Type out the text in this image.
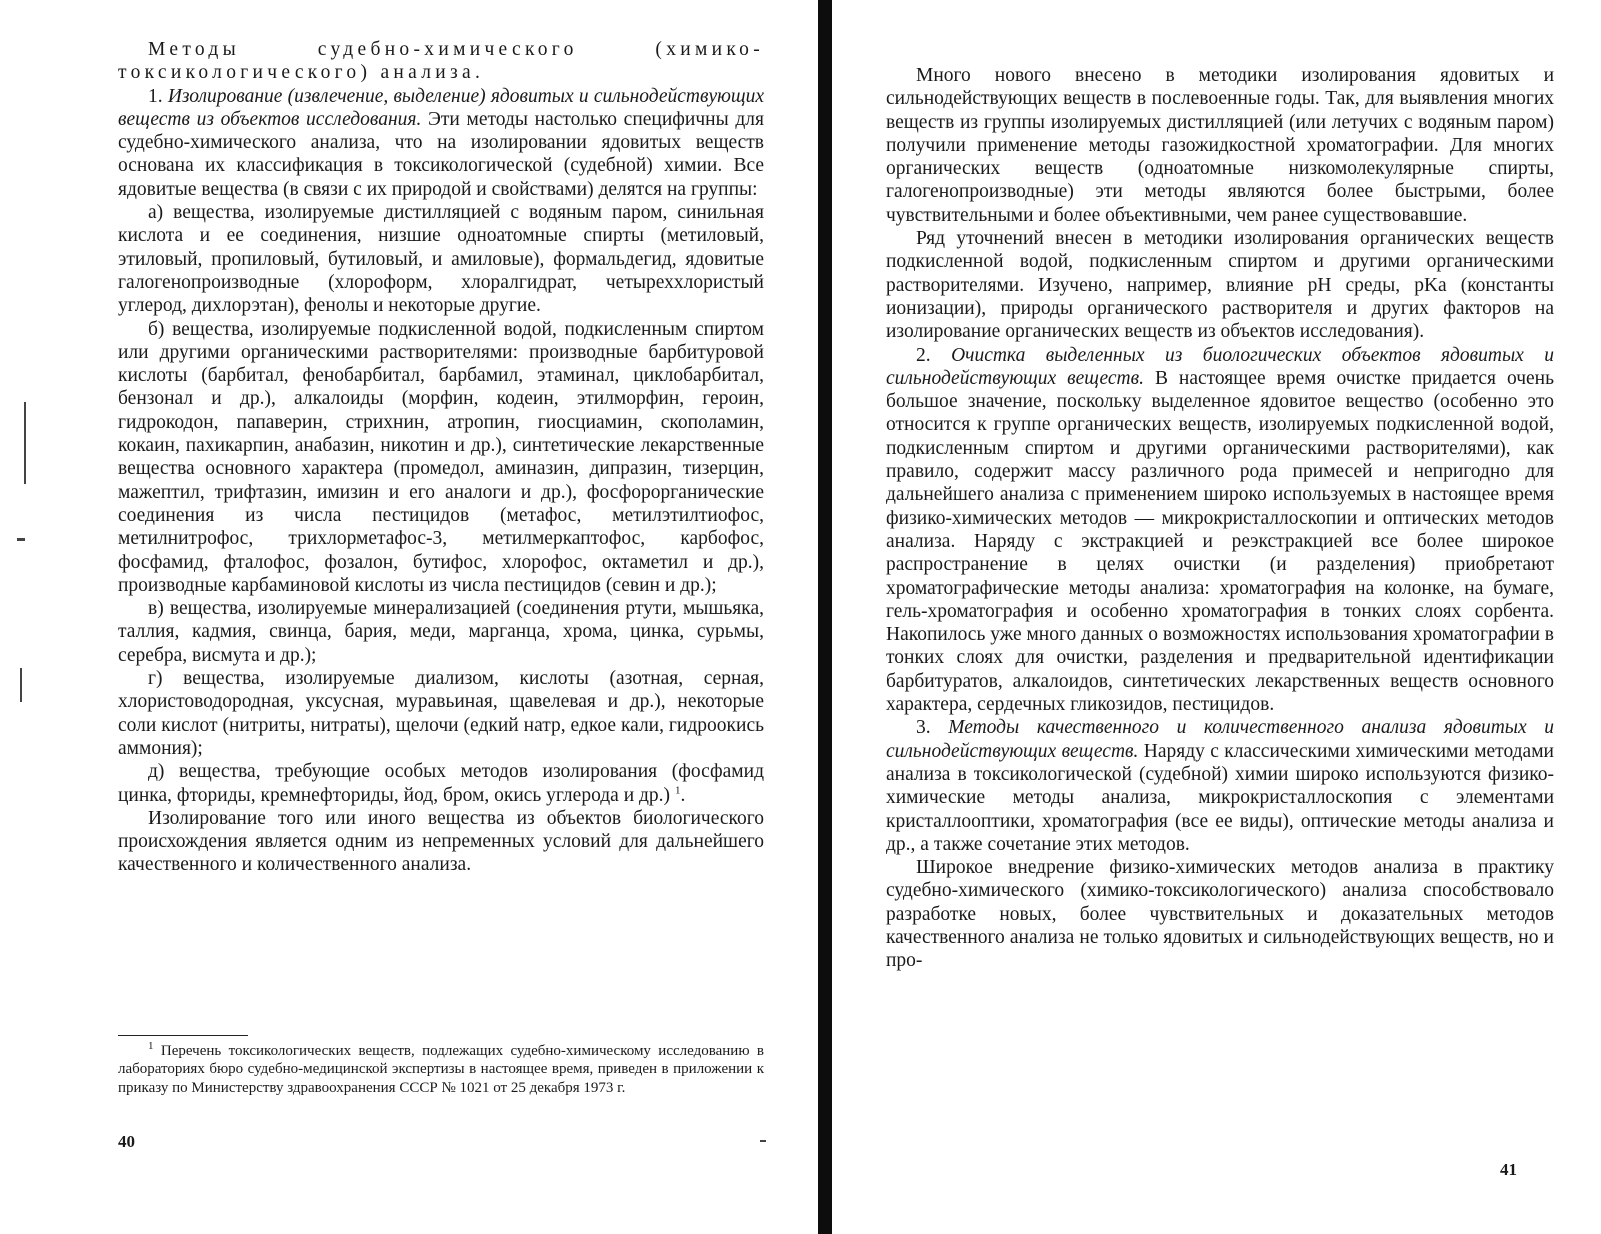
Методы судебно-химического (химико-токсикологического) анализа.

1. Изолирование (извлечение, выделение) ядовитых и сильнодействующих веществ из объектов исследования. Эти методы настолько специфичны для судебно-химического анализа, что на изолировании ядовитых веществ основана их классификация в токсикологической (судебной) химии. Все ядовитые вещества (в связи с их природой и свойствами) делятся на группы:

а) вещества, изолируемые дистилляцией с водяным паром, синильная кислота и ее соединения, низшие одноатомные спирты (метиловый, этиловый, пропиловый, бутиловый, и амиловые), формальдегид, ядовитые галогенопроизводные (хлороформ, хлоралгидрат, четыреххлористый углерод, дихлорэтан), фенолы и некоторые другие.

б) вещества, изолируемые подкисленной водой, подкисленным спиртом или другими органическими растворителями: производные барбитуровой кислоты (барбитал, фенобарбитал, барбамил, этаминал, циклобарбитал, бензонал и др.), алкалоиды (морфин, кодеин, этилморфин, героин, гидрокодон, папаверин, стрихнин, атропин, гиосциамин, скополамин, кокаин, пахикарпин, анабазин, никотин и др.), синтетические лекарственные вещества основного характера (промедол, аминазин, дипразин, тизерцин, мажептил, трифтазин, имизин и его аналоги и др.), фосфорорганические соединения из числа пестицидов (метафос, метилэтилтиофос, метилнитрофос, трихлорметафос-3, метилмеркаптофос, карбофос, фосфамид, фталофос, фозалон, бутифос, хлорофос, октаметил и др.), производные карбаминовой кислоты из числа пестицидов (севин и др.);

в) вещества, изолируемые минерализацией (соединения ртути, мышьяка, таллия, кадмия, свинца, бария, меди, марганца, хрома, цинка, сурьмы, серебра, висмута и др.);

г) вещества, изолируемые диализом, кислоты (азотная, серная, хлористоводородная, уксусная, муравьиная, щавелевая и др.), некоторые соли кислот (нитриты, нитраты), щелочи (едкий натр, едкое кали, гидроокись аммония);

д) вещества, требующие особых методов изолирования (фосфамид цинка, фториды, кремнефториды, йод, бром, окись углерода и др.) $^1$.

Изолирование того или иного вещества из объектов биологического происхождения является одним из непременных условий для дальнейшего качественного и количественного анализа.

$^1$ Перечень токсикологических веществ, подлежащих судебно-химическому исследованию в лабораториях бюро судебно-медицинской экспертизы в настоящее время, приведен в приложении к приказу по Министерству здравоохранения СССР № 1021 от 25 декабря 1973 г.
40

Много нового внесено в методики изолирования ядовитых и сильнодействующих веществ в послевоенные годы. Так, для выявления многих веществ из группы изолируемых дистилляцией (или летучих с водяным паром) получили применение методы газожидкостной хроматографии. Для многих органических веществ (одноатомные низкомолекулярные спирты, галогенопроизводные) эти методы являются более быстрыми, более чувствительными и более объективными, чем ранее существовавшие.

Ряд уточнений внесен в методики изолирования органических веществ подкисленной водой, подкисленным спиртом и другими органическими растворителями. Изучено, например, влияние pH среды, pKa (константы ионизации), природы органического растворителя и других факторов на изолирование органических веществ из объектов исследования).

2. Очистка выделенных из биологических объектов ядовитых и сильнодействующих веществ. В настоящее время очистке придается очень большое значение, поскольку выделенное ядовитое вещество (особенно это относится к группе органических веществ, изолируемых подкисленной водой, подкисленным спиртом и другими органическими растворителями), как правило, содержит массу различного рода примесей и непригодно для дальнейшего анализа с применением широко используемых в настоящее время физико-химических методов — микрокристаллоскопии и оптических методов анализа. Наряду с экстракцией и реэкстракцией все более широкое распространение в целях очистки (и разделения) приобретают хроматографические методы анализа: хроматография на колонке, на бумаге, гель-хроматография и особенно хроматография в тонких слоях сорбента. Накопилось уже много данных о возможностях использования хроматографии в тонких слоях для очистки, разделения и предварительной идентификации барбитуратов, алкалоидов, синтетических лекарственных веществ основного характера, сердечных гликозидов, пестицидов.

3. Методы качественного и количественного анализа ядовитых и сильнодействующих веществ. Наряду с классическими химическими методами анализа в токсикологической (судебной) химии широко используются физико-химические методы анализа, микрокристаллоскопия с элементами кристаллооптики, хроматография (все ее виды), оптические методы анализа и др., а также сочетание этих методов.

Широкое внедрение физико-химических методов анализа в практику судебно-химического (химико-токсикологического) анализа способствовало разработке новых, более чувствительных и доказательных методов качественного анализа не только ядовитых и сильнодействующих веществ, но и про-

41
